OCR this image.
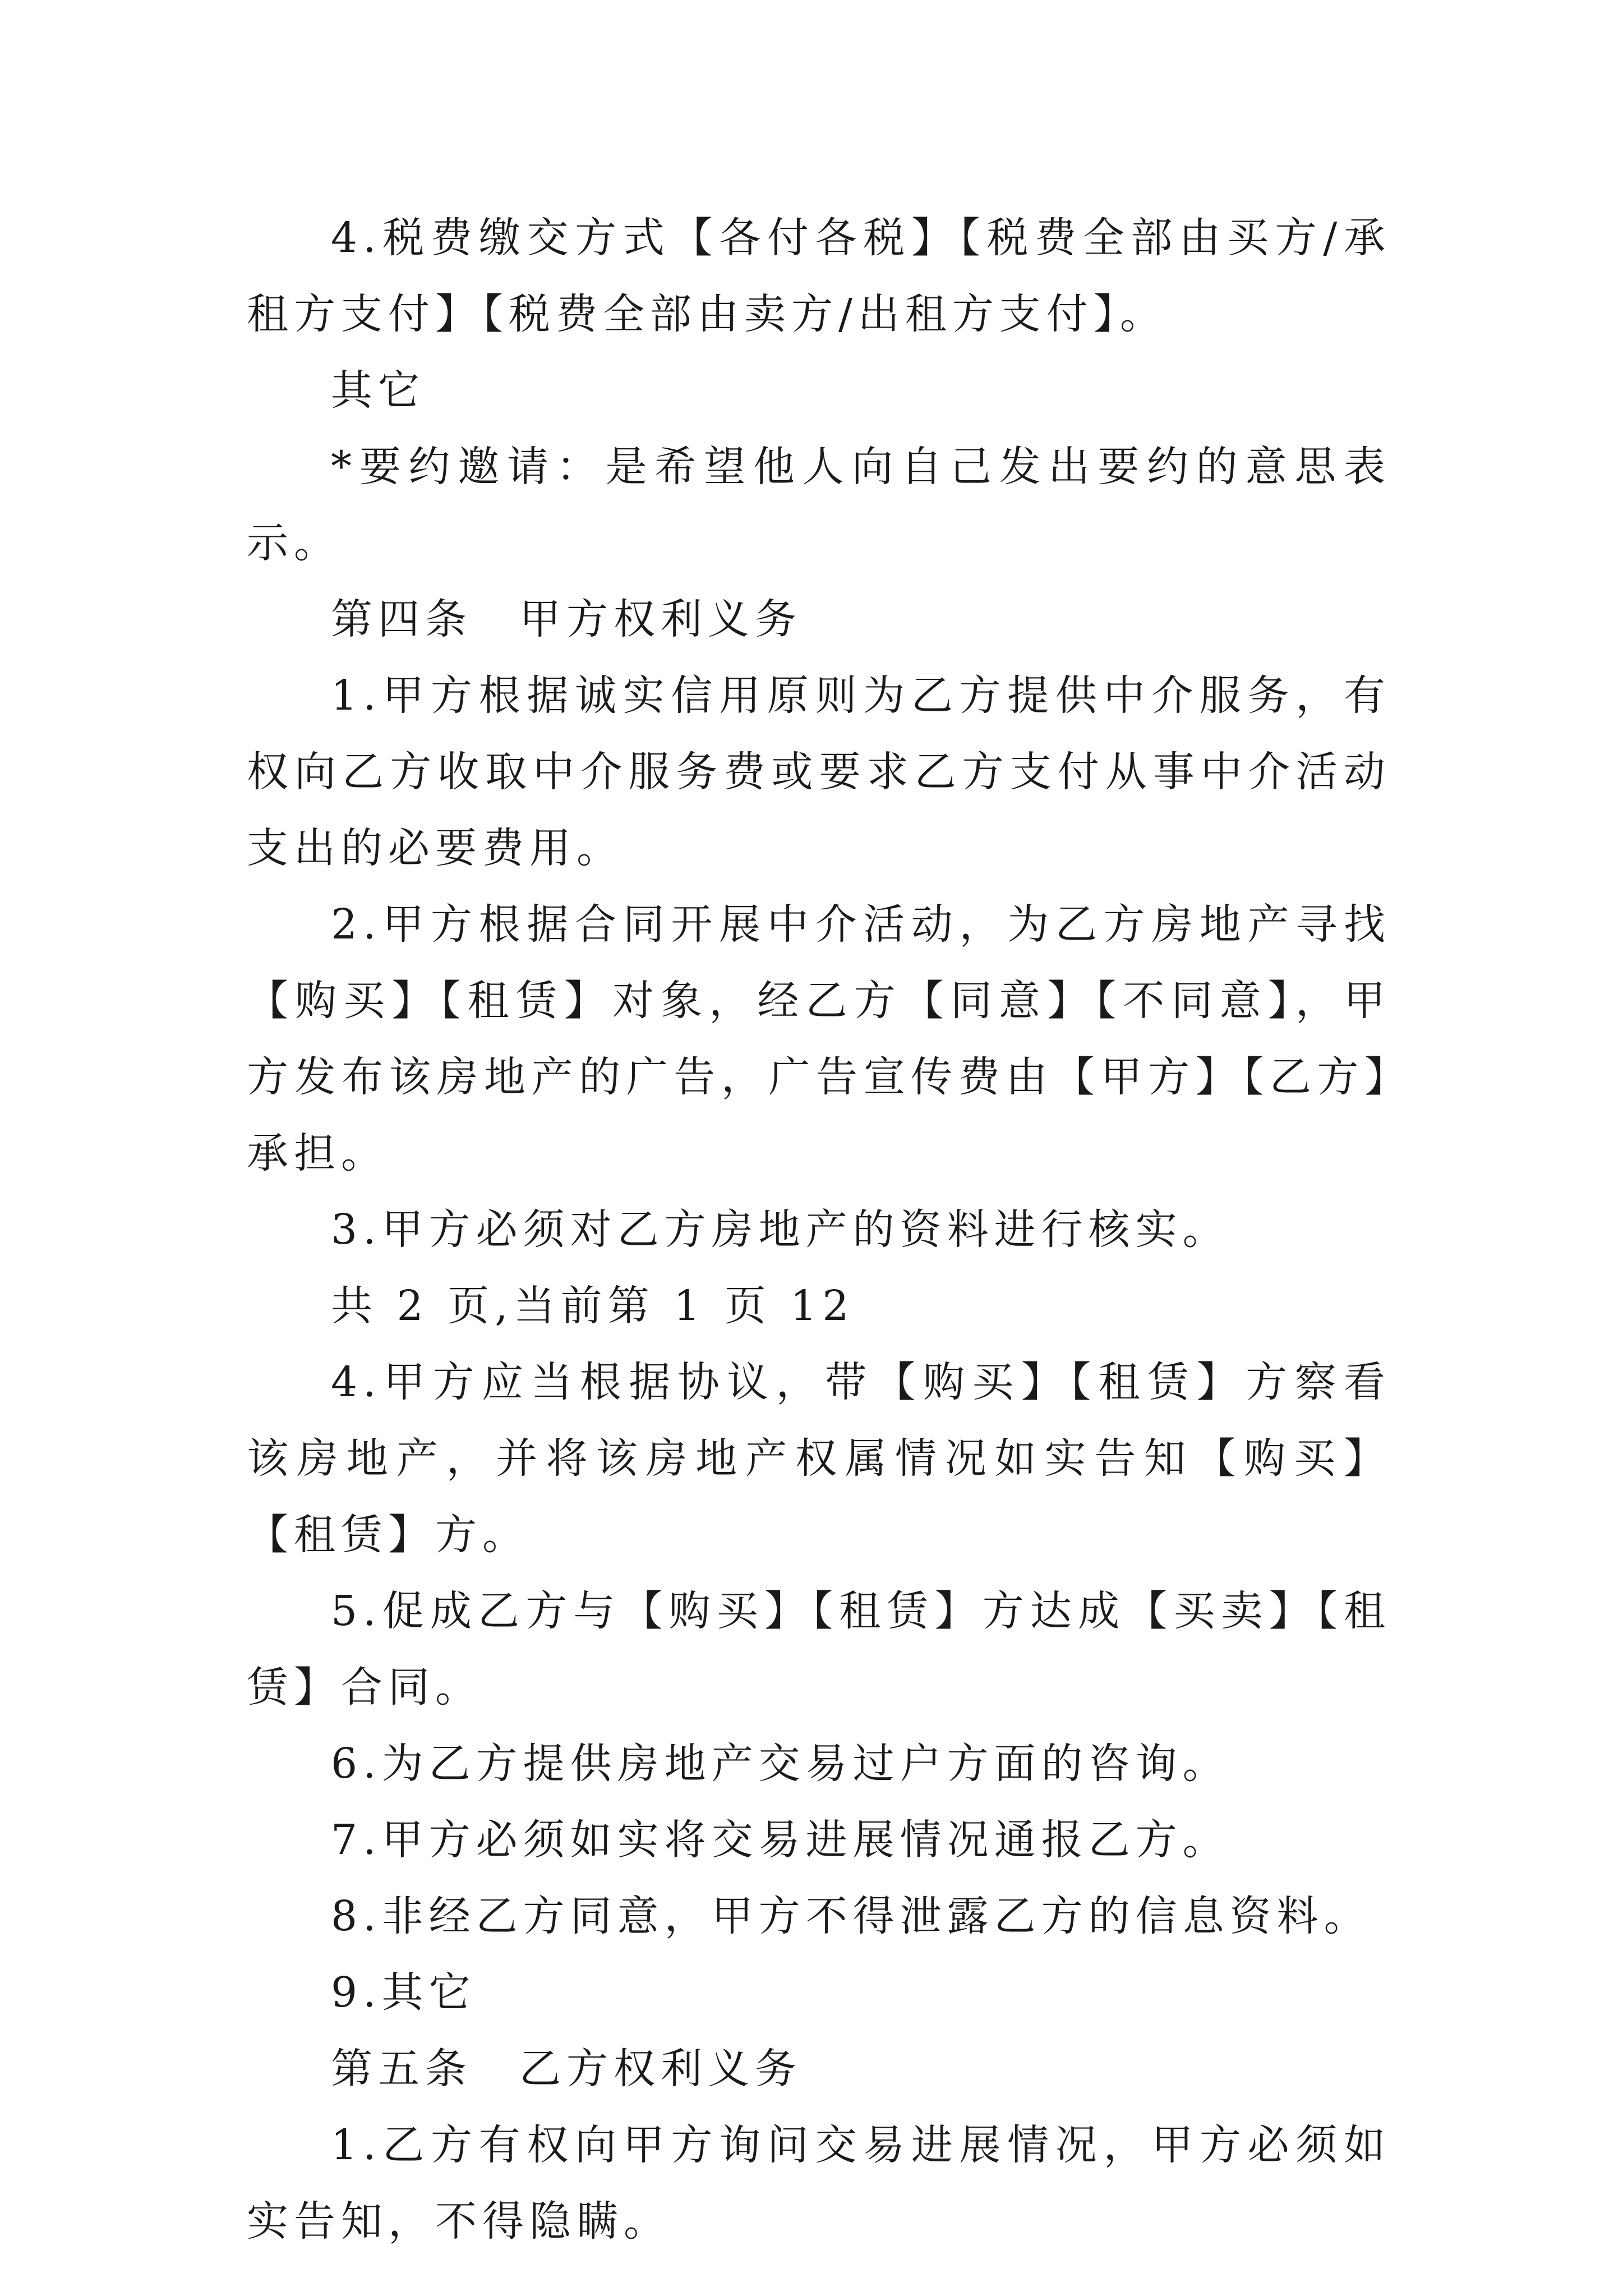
4.税费缴交方式【各付各税】【税费全部由买方/承租方支付】【税费全部由卖方/出租方支付】。

其它

*要约邀请：是希望他人向自己发出要约的意思表示。

第四条　甲方权利义务

1.甲方根据诚实信用原则为乙方提供中介服务，有权向乙方收取中介服务费或要求乙方支付从事中介活动支出的必要费用。

2.甲方根据合同开展中介活动，为乙方房地产寻找【购买】【租赁】对象，经乙方【同意】【不同意】，甲方发布该房地产的广告，广告宣传费由【甲方】【乙方】承担。

3.甲方必须对乙方房地产的资料进行核实。

共 2 页,当前第 1 页 12

4.甲方应当根据协议，带【购买】【租赁】方察看该房地产，并将该房地产权属情况如实告知【购买】【租赁】方。

5.促成乙方与【购买】【租赁】方达成【买卖】【租赁】合同。

6.为乙方提供房地产交易过户方面的咨询。

7.甲方必须如实将交易进展情况通报乙方。

8.非经乙方同意，甲方不得泄露乙方的信息资料。

9.其它

第五条　乙方权利义务

1.乙方有权向甲方询问交易进展情况，甲方必须如实告知，不得隐瞒。
